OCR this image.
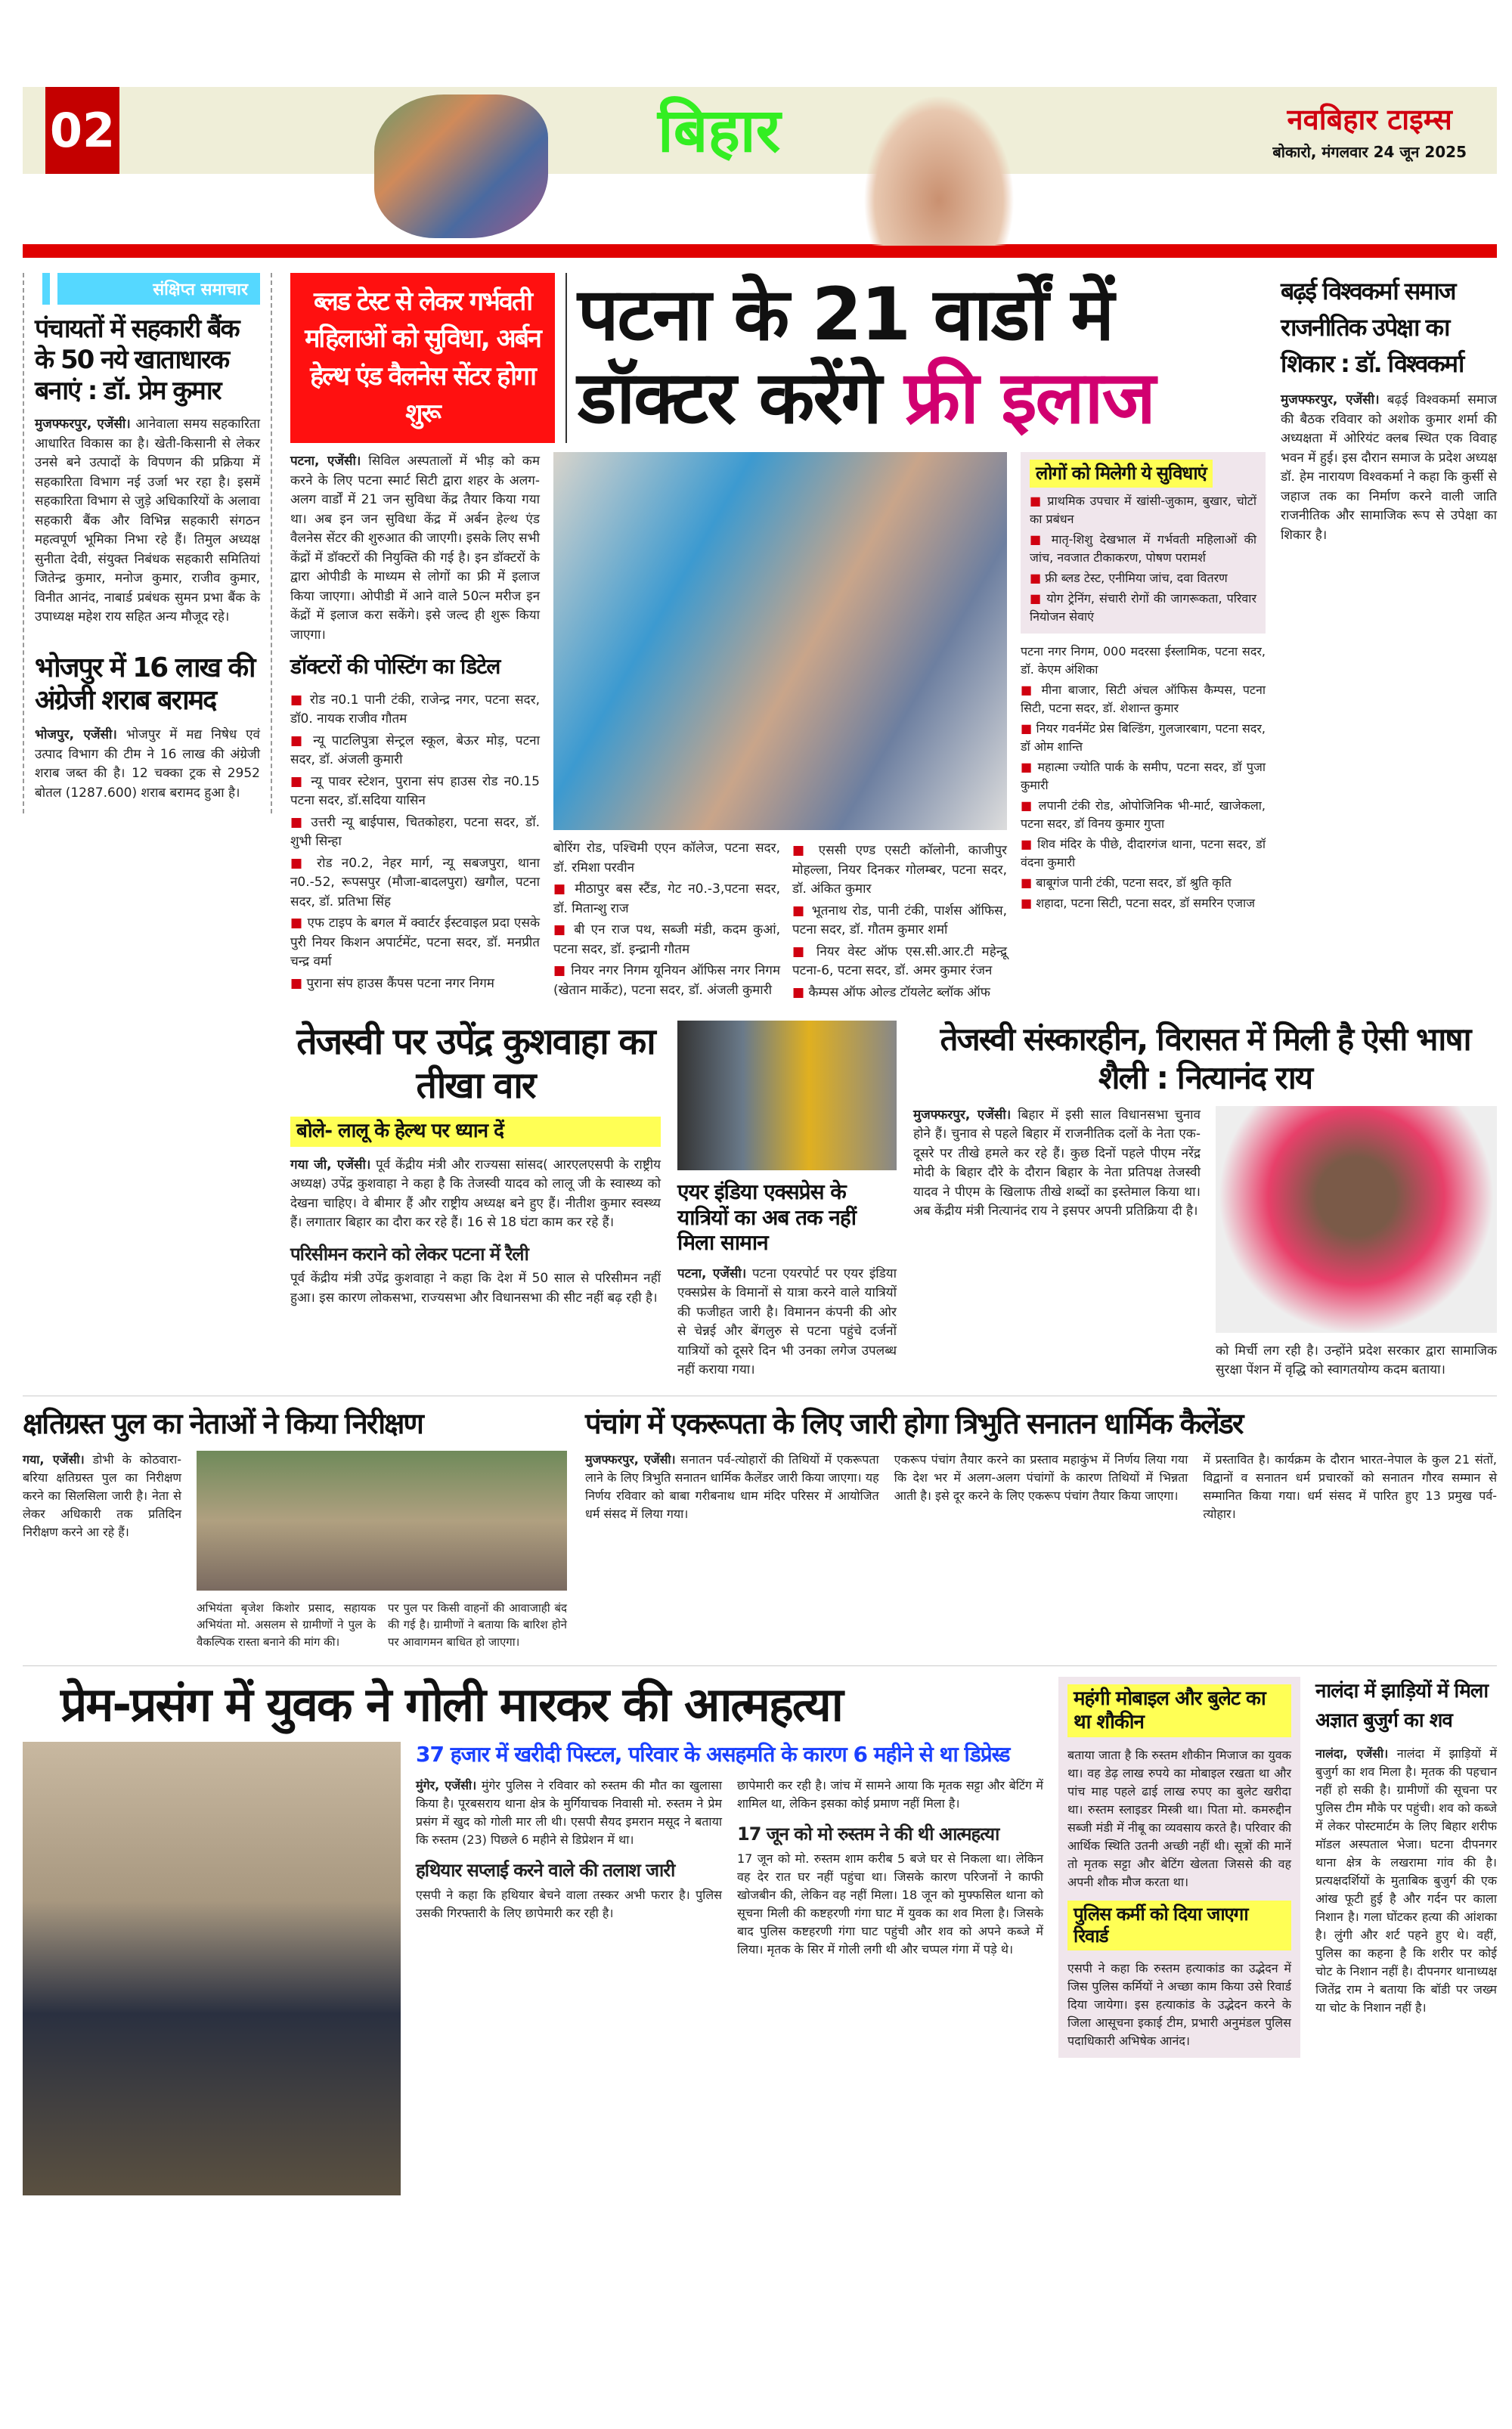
02	बिहार	नवबिहार टाइम्स
बोकारो, मंगलवार 24 जून 2025
संक्षिप्त समाचार
पंचायतों में सहकारी बैंक के 50 नये खाताधारक बनाएं : डॉ. प्रेम कुमार
मुजफ्फरपुर, एजेंसी। आनेवाला समय सहकारिता आधारित विकास का है। खेती-किसानी से लेकर उनसे बने उत्पादों के विपणन की प्रक्रिया में सहकारिता विभाग नई उर्जा भर रहा है। इसमें सहकारिता विभाग से जुड़े अधिकारियों के अलावा सहकारी बैंक और विभिन्न सहकारी संगठन महत्वपूर्ण भूमिका निभा रहे हैं। तिमुल अध्यक्ष सुनीता देवी, संयुक्त निबंधक सहकारी समितियां जितेन्द्र कुमार, मनोज कुमार, राजीव कुमार, विनीत आनंद, नाबार्ड प्रबंधक सुमन प्रभा बैंक के उपाध्यक्ष महेश राय सहित अन्य मौजूद रहे।
भोजपुर में 16 लाख की अंग्रेजी शराब बरामद
भोजपुर, एजेंसी। भोजपुर में मद्य निषेध एवं उत्पाद विभाग की टीम ने 16 लाख की अंग्रेजी शराब जब्त की है। 12 चक्का ट्रक से 2952 बोतल (1287.600) शराब बरामद हुआ है।
ब्लड टेस्ट से लेकर गर्भवती महिलाओं को सुविधा, अर्बन हेल्थ एंड वैलनेस सेंटर होगा शुरू
पटना के 21 वार्डों में
डॉक्टर करेंगे फ्री इलाज
पटना, एजेंसी। सिविल अस्पतालों में भीड़ को कम करने के लिए पटना स्मार्ट सिटी द्वारा शहर के अलग-अलग वार्डों में 21 जन सुविधा केंद्र तैयार किया गया था। अब इन जन सुविधा केंद्र में अर्बन हेल्थ एंड वैलनेस सेंटर की शुरुआत की जाएगी। इसके लिए सभी केंद्रों में डॉक्टरों की नियुक्ति की गई है। इन डॉक्टरों के द्वारा ओपीडी के माध्यम से लोगों का फ्री में इलाज किया जाएगा। ओपीडी में आने वाले 50त्न मरीज इन केंद्रों में इलाज करा सकेंगे। इसे जल्द ही शुरू किया जाएगा।
डॉक्टरों की पोस्टिंग का डिटेल
■ रोड न0.1 पानी टंकी, राजेन्द्र नगर, पटना सदर, डॉ0. नायक राजीव गौतम
■ न्यू पाटलिपुत्रा सेन्ट्रल स्कूल, बेऊर मोड़, पटना सदर, डॉ. अंजली कुमारी
■ न्यू पावर स्टेशन, पुराना संप हाउस रोड न0.15 पटना सदर, डॉ.सदिया यासिन
■ उत्तरी न्यू बाईपास, चितकोहरा, पटना सदर, डॉ. शुभी सिन्हा
■ रोड न0.2, नेहर मार्ग, न्यू सबजपुरा, थाना न0.-52, रूपसपुर (मौजा-बादलपुरा) खगौल, पटना सदर, डॉ. प्रतिभा सिंह
■ एफ टाइप के बगल में क्वार्टर ईस्टवाइल प्रदा एसके पुरी नियर किशन अपार्टमेंट, पटना सदर, डॉ. मनप्रीत चन्द्र वर्मा
■ पुराना संप हाउस कैंपस पटना नगर निगम
बोरिंग रोड, पश्चिमी एएन कॉलेज, पटना सदर, डॉ. रमिशा परवीन
■ मीठापुर बस स्टैंड, गेट न0.-3,पटना सदर, डॉ. मितान्शु राज
■ बी एन राज पथ, सब्जी मंडी, कदम कुआं, पटना सदर, डॉ. इन्द्रानी गौतम
■ नियर नगर निगम यूनियन ऑफिस नगर निगम (खेतान मार्केट), पटना सदर, डॉ. अंजली कुमारी
■ एससी एण्ड एसटी कॉलोनी, काजीपुर मोहल्ला, नियर दिनकर गोलम्बर, पटना सदर, डॉ. अंकित कुमार
■ भूतनाथ रोड, पानी टंकी, पार्शस ऑफिस, पटना सदर, डॉ. गौतम कुमार शर्मा
■ नियर वेस्ट ऑफ एस.सी.आर.टी महेन्द्रू पटना-6, पटना सदर, डॉ. अमर कुमार रंजन
■ कैम्पस ऑफ ओल्ड टॉयलेट ब्लॉक ऑफ
लोगों को मिलेगी ये सुविधाएं
■ प्राथमिक उपचार में खांसी-जुकाम, बुखार, चोटों का प्रबंधन
■ मातृ-शिशु देखभाल में गर्भवती महिलाओं की जांच, नवजात टीकाकरण, पोषण परामर्श
■ फ्री ब्लड टेस्ट, एनीमिया जांच, दवा वितरण
■ योग ट्रेनिंग, संचारी रोगों की जागरूकता, परिवार नियोजन सेवाएं
पटना नगर निगम, 000 मदरसा ईस्लामिक, पटना सदर, डॉ. केएम अंशिका
■ मीना बाजार, सिटी अंचल ऑफिस कैम्पस, पटना सिटी, पटना सदर, डॉ. शेशान्त कुमार
■ नियर गवर्नमेंट प्रेस बिल्डिंग, गुलजारबाग, पटना सदर, डॉ ओम शान्ति
■ महात्मा ज्योति पार्क के समीप, पटना सदर, डॉ पुजा कुमारी
■ लपानी टंकी रोड, ओपोजिनिक भी-मार्ट, खाजेकला, पटना सदर, डॉ विनय कुमार गुप्ता
■ शिव मंदिर के पीछे, दीदारगंज थाना, पटना सदर, डॉ वंदना कुमारी
■ बाबूगंज पानी टंकी, पटना सदर, डॉ श्रुति कृति
■ शहादा, पटना सिटी, पटना सदर, डॉ समरिन एजाज
बढ़ई विश्वकर्मा समाज राजनीतिक उपेक्षा का शिकार : डॉ. विश्वकर्मा
मुजफ्फरपुर, एजेंसी। बढ़ई विश्वकर्मा समाज की बैठक रविवार को अशोक कुमार शर्मा की अध्यक्षता में ओरियंट क्लब स्थित एक विवाह भवन में हुई। इस दौरान समाज के प्रदेश अध्यक्ष डॉ. हेम नारायण विश्वकर्मा ने कहा कि कुर्सी से जहाज तक का निर्माण करने वाली जाति राजनीतिक और सामाजिक रूप से उपेक्षा का शिकार है।
तेजस्वी पर उपेंद्र कुशवाहा का तीखा वार
बोले- लालू के हेल्थ पर ध्यान दें
गया जी, एजेंसी। पूर्व केंद्रीय मंत्री और राज्यसा सांसद( आरएलएसपी के राष्ट्रीय अध्यक्ष) उपेंद्र कुशवाहा ने कहा है कि तेजस्वी यादव को लालू जी के स्वास्थ्य को देखना चाहिए। वे बीमार हैं और राष्ट्रीय अध्यक्ष बने हुए हैं। नीतीश कुमार स्वस्थ्य हैं। लगातार बिहार का दौरा कर रहे हैं। 16 से 18 घंटा काम कर रहे हैं।
परिसीमन कराने को लेकर पटना में रैली
पूर्व केंद्रीय मंत्री उपेंद्र कुशवाहा ने कहा कि देश में 50 साल से परिसीमन नहीं हुआ। इस कारण लोकसभा, राज्यसभा और विधानसभा की सीट नहीं बढ़ रही है।
एयर इंडिया एक्सप्रेस के यात्रियों का अब तक नहीं मिला सामान
पटना, एजेंसी। पटना एयरपोर्ट पर एयर इंडिया एक्सप्रेस के विमानों से यात्रा करने वाले यात्रियों की फजीहत जारी है। विमानन कंपनी की ओर से चेन्नई और बेंगलुरु से पटना पहुंचे दर्जनों यात्रियों को दूसरे दिन भी उनका लगेज उपलब्ध नहीं कराया गया।
तेजस्वी संस्कारहीन, विरासत में मिली है ऐसी भाषा शैली : नित्यानंद राय
मुजफ्फरपुर, एजेंसी। बिहार में इसी साल विधानसभा चुनाव होने हैं। चुनाव से पहले बिहार में राजनीतिक दलों के नेता एक-दूसरे पर तीखे हमले कर रहे हैं। कुछ दिनों पहले पीएम नरेंद्र मोदी के बिहार दौरे के दौरान बिहार के नेता प्रतिपक्ष तेजस्वी यादव ने पीएम के खिलाफ तीखे शब्दों का इस्तेमाल किया था। अब केंद्रीय मंत्री नित्यानंद राय ने इसपर अपनी प्रतिक्रिया दी है।
को मिर्ची लग रही है। उन्होंने प्रदेश सरकार द्वारा सामाजिक सुरक्षा पेंशन में वृद्धि को स्वागतयोग्य कदम बताया।
क्षतिग्रस्त पुल का नेताओं ने किया निरीक्षण
गया, एजेंसी। डोभी के कोठवारा-बरिया क्षतिग्रस्त पुल का निरीक्षण करने का सिलसिला जारी है। नेता से लेकर अधिकारी तक प्रतिदिन निरीक्षण करने आ रहे हैं।
अभियंता बृजेश किशोर प्रसाद, सहायक अभियंता मो. असलम से ग्रामीणों ने पुल के वैकल्पिक रास्ता बनाने की मांग की।
पर पुल पर किसी वाहनों की आवाजाही बंद की गई है। ग्रामीणों ने बताया कि बारिश होने पर आवागमन बाधित हो जाएगा।
पंचांग में एकरूपता के लिए जारी होगा त्रिभुति सनातन धार्मिक कैलेंडर
मुजफ्फरपुर, एजेंसी। सनातन पर्व-त्योहारों की तिथियों में एकरूपता लाने के लिए त्रिभुति सनातन धार्मिक कैलेंडर जारी किया जाएगा। यह निर्णय रविवार को बाबा गरीबनाथ धाम मंदिर परिसर में आयोजित धर्म संसद में लिया गया।
एकरूप पंचांग तैयार करने का प्रस्ताव महाकुंभ में निर्णय लिया गया कि देश भर में अलग-अलग पंचांगों के कारण तिथियों में भिन्नता आती है। इसे दूर करने के लिए एकरूप पंचांग तैयार किया जाएगा।
में प्रस्तावित है। कार्यक्रम के दौरान भारत-नेपाल के कुल 21 संतों, विद्वानों व सनातन धर्म प्रचारकों को सनातन गौरव सम्मान से सम्मानित किया गया। धर्म संसद में पारित हुए 13 प्रमुख पर्व-त्योहार।
प्रेम-प्रसंग में युवक ने गोली मारकर की आत्महत्या
37 हजार में खरीदी पिस्टल, परिवार के असहमति के कारण 6 महीने से था डिप्रेस्ड
मुंगेर, एजेंसी। मुंगेर पुलिस ने रविवार को रुस्तम की मौत का खुलासा किया है। पूरबसराय थाना क्षेत्र के मुर्गियाचक निवासी मो. रुस्तम ने प्रेम प्रसंग में खुद को गोली मार ली थी। एसपी सैयद इमरान मसूद ने बताया कि रुस्तम (23) पिछले 6 महीने से डिप्रेशन में था।
हथियार सप्लाई करने वाले की तलाश जारी
एसपी ने कहा कि हथियार बेचने वाला तस्कर अभी फरार है। पुलिस उसकी गिरफ्तारी के लिए छापेमारी कर रही है।
छापेमारी कर रही है। जांच में सामने आया कि मृतक सट्टा और बेटिंग में शामिल था, लेकिन इसका कोई प्रमाण नहीं मिला है।
17 जून को मो रुस्तम ने की थी आत्महत्या
17 जून को मो. रुस्तम शाम करीब 5 बजे घर से निकला था। लेकिन वह देर रात घर नहीं पहुंचा था। जिसके कारण परिजनों ने काफी खोजबीन की, लेकिन वह नहीं मिला। 18 जून को मुफ्फसिल थाना को सूचना मिली की कष्टहरणी गंगा घाट में युवक का शव मिला है। जिसके बाद पुलिस कष्टहरणी गंगा घाट पहुंची और शव को अपने कब्जे में लिया। मृतक के सिर में गोली लगी थी और चप्पल गंगा में पड़े थे।
महंगी मोबाइल और बुलेट का था शौकीन
बताया जाता है कि रुस्तम शौकीन मिजाज का युवक था। वह डेढ़ लाख रुपये का मोबाइल रखता था और पांच माह पहले ढाई लाख रुपए का बुलेट खरीदा था। रुस्तम स्लाइडर मिस्त्री था। पिता मो. कमरुद्दीन सब्जी मंडी में नीबू का व्यवसाय करते है। परिवार की आर्थिक स्थिति उतनी अच्छी नहीं थी। सूत्रों की मानें तो मृतक सट्टा और बेटिंग खेलता जिससे की वह अपनी शौक मौज करता था।
पुलिस कर्मी को दिया जाएगा रिवार्ड
एसपी ने कहा कि रुस्तम हत्याकांड का उद्भेदन में जिस पुलिस कर्मियों ने अच्छा काम किया उसे रिवार्ड दिया जायेगा। इस हत्याकांड के उद्भेदन करने के जिला आसूचना इकाई टीम, प्रभारी अनुमंडल पुलिस पदाधिकारी अभिषेक आनंद।
नालंदा में झाड़ियों में मिला अज्ञात बुजुर्ग का शव
नालंदा, एजेंसी। नालंदा में झाड़ियों में बुजुर्ग का शव मिला है। मृतक की पहचान नहीं हो सकी है। ग्रामीणों की सूचना पर पुलिस टीम मौके पर पहुंची। शव को कब्जे में लेकर पोस्टमार्टम के लिए बिहार शरीफ मॉडल अस्पताल भेजा। घटना दीपनगर थाना क्षेत्र के लखरामा गांव की है। प्रत्यक्षदर्शियों के मुताबिक बुजुर्ग की एक आंख फूटी हुई है और गर्दन पर काला निशान है। गला घोंटकर हत्या की आंशका है। लुंगी और शर्ट पहने हुए थे। वहीं, पुलिस का कहना है कि शरीर पर कोई चोट के निशान नहीं है। दीपनगर थानाध्यक्ष जितेंद्र राम ने बताया कि बॉडी पर जख्म या चोट के निशान नहीं है।
